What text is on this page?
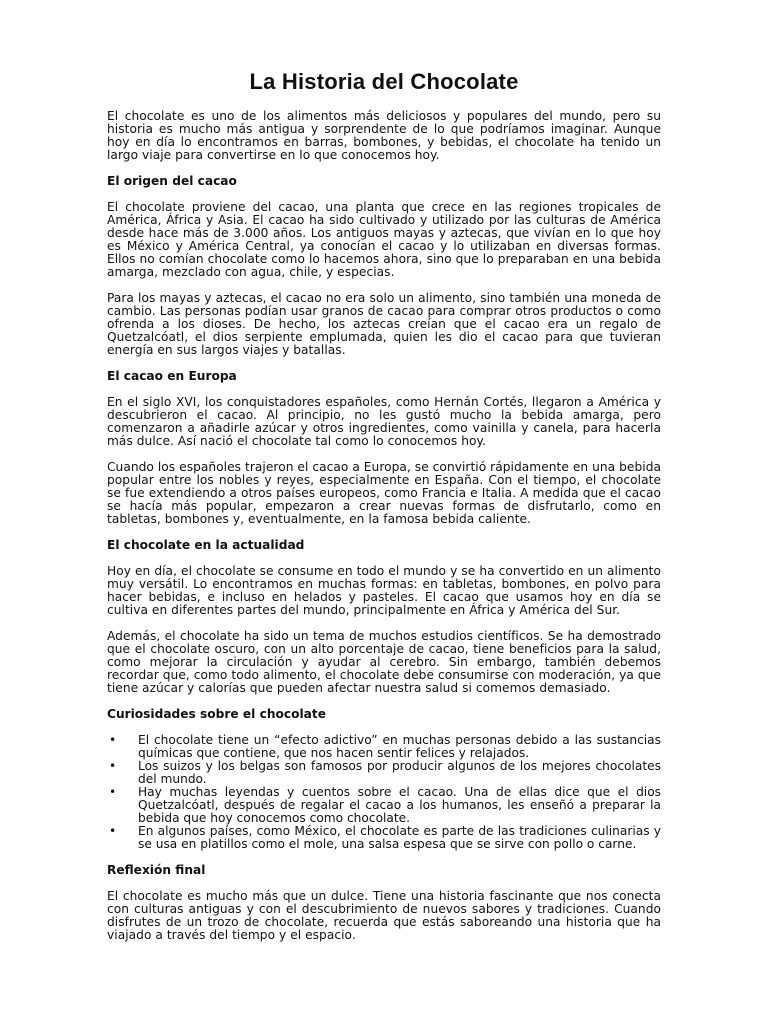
La Historia del Chocolate

El chocolate es uno de los alimentos más deliciosos y populares del mundo, pero su historia es mucho más antigua y sorprendente de lo que podríamos imaginar. Aunque hoy en día lo encontramos en barras, bombones, y bebidas, el chocolate ha tenido un largo viaje para convertirse en lo que conocemos hoy.

El origen del cacao

El chocolate proviene del cacao, una planta que crece en las regiones tropicales de América, África y Asia. El cacao ha sido cultivado y utilizado por las culturas de América desde hace más de 3.000 años. Los antiguos mayas y aztecas, que vivían en lo que hoy es México y América Central, ya conocían el cacao y lo utilizaban en diversas formas. Ellos no comían chocolate como lo hacemos ahora, sino que lo preparaban en una bebida amarga, mezclado con agua, chile, y especias.

Para los mayas y aztecas, el cacao no era solo un alimento, sino también una moneda de cambio. Las personas podían usar granos de cacao para comprar otros productos o como ofrenda a los dioses. De hecho, los aztecas creían que el cacao era un regalo de Quetzalcóatl, el dios serpiente emplumada, quien les dio el cacao para que tuvieran energía en sus largos viajes y batallas.

El cacao en Europa

En el siglo XVI, los conquistadores españoles, como Hernán Cortés, llegaron a América y descubrieron el cacao. Al principio, no les gustó mucho la bebida amarga, pero comenzaron a añadirle azúcar y otros ingredientes, como vainilla y canela, para hacerla más dulce. Así nació el chocolate tal como lo conocemos hoy.

Cuando los españoles trajeron el cacao a Europa, se convirtió rápidamente en una bebida popular entre los nobles y reyes, especialmente en España. Con el tiempo, el chocolate se fue extendiendo a otros países europeos, como Francia e Italia. A medida que el cacao se hacía más popular, empezaron a crear nuevas formas de disfrutarlo, como en tabletas, bombones y, eventualmente, en la famosa bebida caliente.

El chocolate en la actualidad

Hoy en día, el chocolate se consume en todo el mundo y se ha convertido en un alimento muy versátil. Lo encontramos en muchas formas: en tabletas, bombones, en polvo para hacer bebidas, e incluso en helados y pasteles. El cacao que usamos hoy en día se cultiva en diferentes partes del mundo, principalmente en África y América del Sur.

Además, el chocolate ha sido un tema de muchos estudios científicos. Se ha demostrado que el chocolate oscuro, con un alto porcentaje de cacao, tiene beneficios para la salud, como mejorar la circulación y ayudar al cerebro. Sin embargo, también debemos recordar que, como todo alimento, el chocolate debe consumirse con moderación, ya que tiene azúcar y calorías que pueden afectar nuestra salud si comemos demasiado.

Curiosidades sobre el chocolate
• El chocolate tiene un “efecto adictivo” en muchas personas debido a las sustancias químicas que contiene, que nos hacen sentir felices y relajados.
• Los suizos y los belgas son famosos por producir algunos de los mejores chocolates del mundo.
• Hay muchas leyendas y cuentos sobre el cacao. Una de ellas dice que el dios Quetzalcóatl, después de regalar el cacao a los humanos, les enseñó a preparar la bebida que hoy conocemos como chocolate.
• En algunos países, como México, el chocolate es parte de las tradiciones culinarias y se usa en platillos como el mole, una salsa espesa que se sirve con pollo o carne.
Reflexión final

El chocolate es mucho más que un dulce. Tiene una historia fascinante que nos conecta con culturas antiguas y con el descubrimiento de nuevos sabores y tradiciones. Cuando disfrutes de un trozo de chocolate, recuerda que estás saboreando una historia que ha viajado a través del tiempo y el espacio.
